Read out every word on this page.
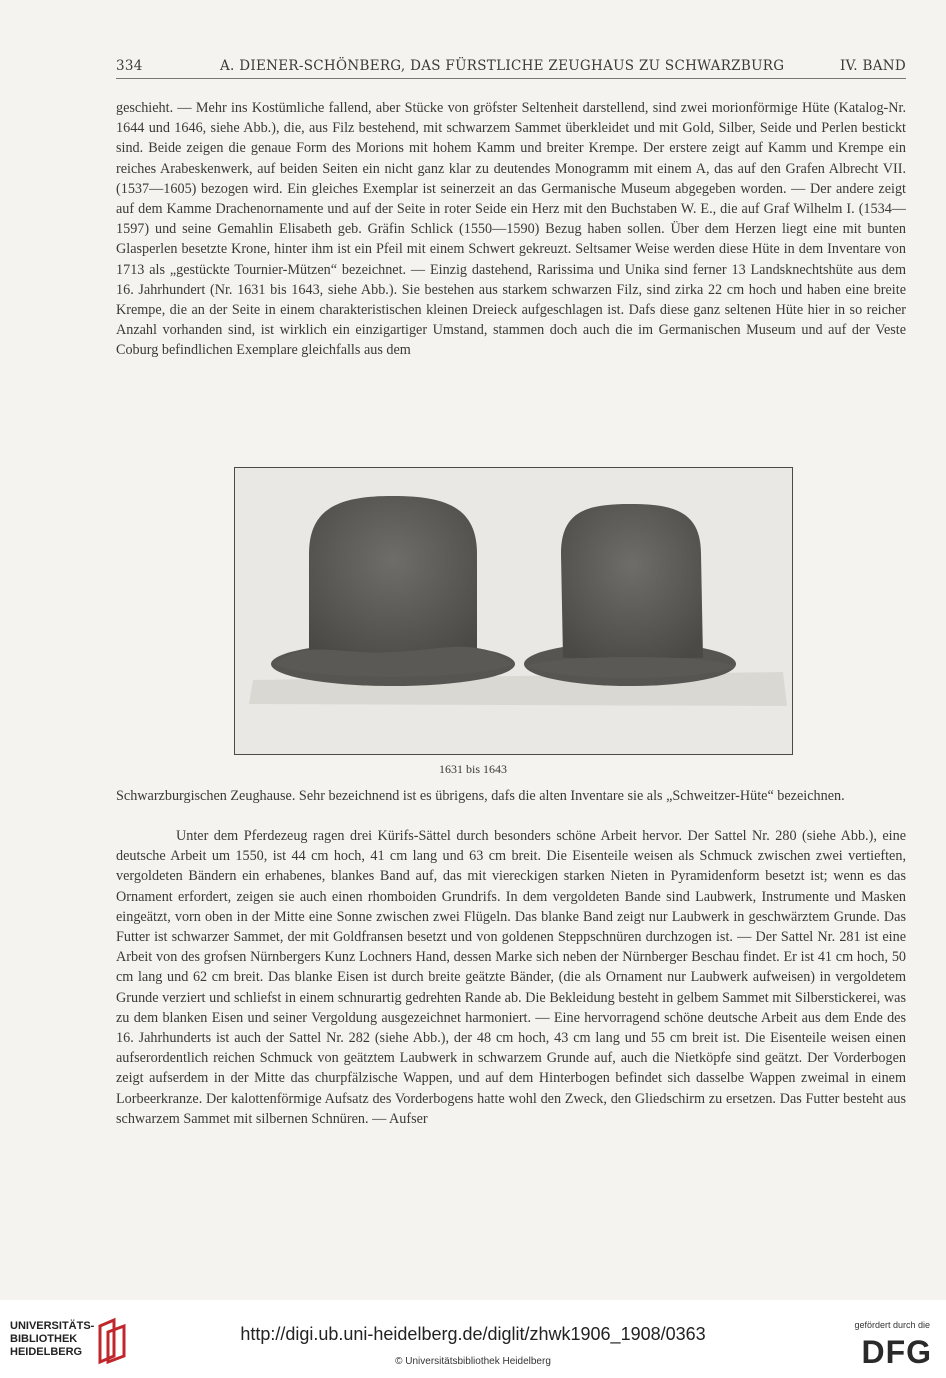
334	A. DIENER-SCHÖNBERG, DAS FÜRSTLICHE ZEUGHAUS ZU SCHWARZBURG	IV. BAND

geschieht. — Mehr ins Kostümliche fallend, aber Stücke von gröfster Seltenheit darstellend, sind zwei morionförmige Hüte (Katalog-Nr. 1644 und 1646, siehe Abb.), die, aus Filz bestehend, mit schwarzem Sammet überkleidet und mit Gold, Silber, Seide und Perlen bestickt sind. Beide zeigen die genaue Form des Morions mit hohem Kamm und breiter Krempe. Der erstere zeigt auf Kamm und Krempe ein reiches Arabeskenwerk, auf beiden Seiten ein nicht ganz klar zu deutendes Monogramm mit einem A, das auf den Grafen Albrecht VII. (1537—1605) bezogen wird. Ein gleiches Exemplar ist seinerzeit an das Germanische Museum abgegeben worden. — Der andere zeigt auf dem Kamme Drachenornamente und auf der Seite in roter Seide ein Herz mit den Buchstaben W. E., die auf Graf Wilhelm I. (1534—1597) und seine Gemahlin Elisabeth geb. Gräfin Schlick (1550—1590) Bezug haben sollen. Über dem Herzen liegt eine mit bunten Glasperlen besetzte Krone, hinter ihm ist ein Pfeil mit einem Schwert gekreuzt. Seltsamer Weise werden diese Hüte in dem Inventare von 1713 als „gestückte Tournier-Mützen“ bezeichnet. — Einzig dastehend, Rarissima und Unika sind ferner 13 Landsknechtshüte aus dem 16. Jahrhundert (Nr. 1631 bis 1643, siehe Abb.). Sie bestehen aus starkem schwarzen Filz, sind zirka 22 cm hoch und haben eine breite Krempe, die an der Seite in einem charakteristischen kleinen Dreieck aufgeschlagen ist. Dafs diese ganz seltenen Hüte hier in so reicher Anzahl vorhanden sind, ist wirklich ein einzigartiger Umstand, stammen doch auch die im Germanischen Museum und auf der Veste Coburg befindlichen Exemplare gleichfalls aus dem

1631 bis 1643

Schwarzburgischen Zeughause. Sehr bezeichnend ist es übrigens, dafs die alten Inventare sie als „Schweitzer-Hüte“ bezeichnen.

Unter dem Pferdezeug ragen drei Kürifs-Sättel durch besonders schöne Arbeit hervor. Der Sattel Nr. 280 (siehe Abb.), eine deutsche Arbeit um 1550, ist 44 cm hoch, 41 cm lang und 63 cm breit. Die Eisenteile weisen als Schmuck zwischen zwei vertieften, vergoldeten Bändern ein erhabenes, blankes Band auf, das mit viereckigen starken Nieten in Pyramidenform besetzt ist; wenn es das Ornament erfordert, zeigen sie auch einen rhomboiden Grundrifs. In dem vergoldeten Bande sind Laubwerk, Instrumente und Masken eingeätzt, vorn oben in der Mitte eine Sonne zwischen zwei Flügeln. Das blanke Band zeigt nur Laubwerk in geschwärztem Grunde. Das Futter ist schwarzer Sammet, der mit Goldfransen besetzt und von goldenen Steppschnüren durchzogen ist. — Der Sattel Nr. 281 ist eine Arbeit von des grofsen Nürnbergers Kunz Lochners Hand, dessen Marke sich neben der Nürnberger Beschau findet. Er ist 41 cm hoch, 50 cm lang und 62 cm breit. Das blanke Eisen ist durch breite geätzte Bänder, (die als Ornament nur Laubwerk aufweisen) in vergoldetem Grunde verziert und schliefst in einem schnurartig gedrehten Rande ab. Die Bekleidung besteht in gelbem Sammet mit Silberstickerei, was zu dem blanken Eisen und seiner Vergoldung ausgezeichnet harmoniert. — Eine hervorragend schöne deutsche Arbeit aus dem Ende des 16. Jahrhunderts ist auch der Sattel Nr. 282 (siehe Abb.), der 48 cm hoch, 43 cm lang und 55 cm breit ist. Die Eisenteile weisen einen aufserordentlich reichen Schmuck von geätztem Laubwerk in schwarzem Grunde auf, auch die Nietköpfe sind geätzt. Der Vorderbogen zeigt aufserdem in der Mitte das churpfälzische Wappen, und auf dem Hinterbogen befindet sich dasselbe Wappen zweimal in einem Lorbeerkranze. Der kalottenförmige Aufsatz des Vorderbogens hatte wohl den Zweck, den Gliedschirm zu ersetzen. Das Futter besteht aus schwarzem Sammet mit silbernen Schnüren. — Aufser

UNIVERSITÄTS-
BIBLIOTHEK
HEIDELBERG
http://digi.ub.uni-heidelberg.de/diglit/zhwk1906_1908/0363
© Universitätsbibliothek Heidelberg
gefördert durch die
DFG
